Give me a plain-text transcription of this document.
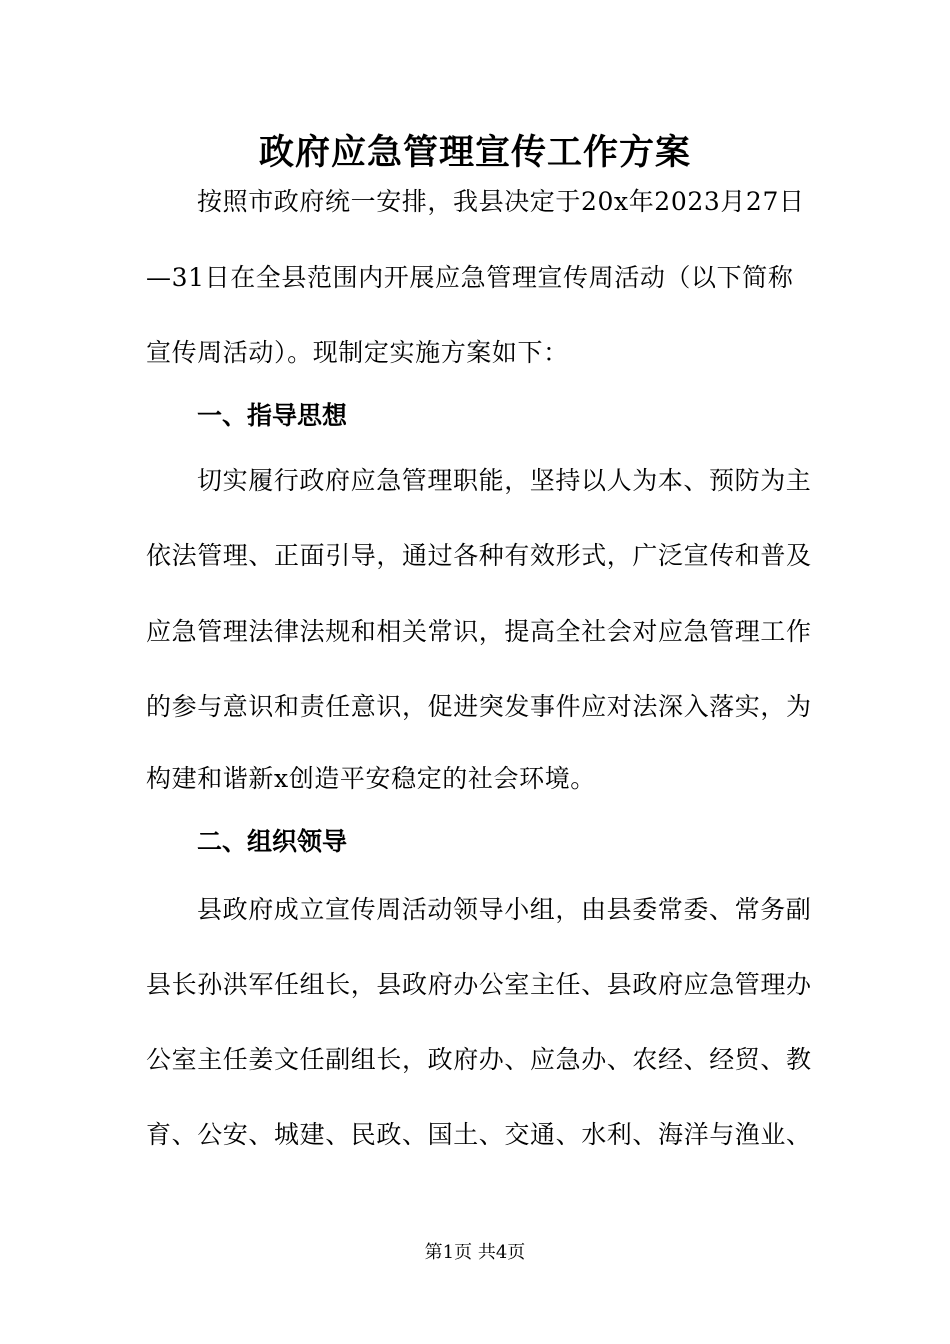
政府应急管理宣传工作方案
按照市政府统一安排，我县决定于20x年2023月27日
—31日在全县范围内开展应急管理宣传周活动（以下简称
宣传周活动）。现制定实施方案如下：
一、指导思想
切实履行政府应急管理职能，坚持以人为本、预防为主
依法管理、正面引导，通过各种有效形式，广泛宣传和普及
应急管理法律法规和相关常识，提高全社会对应急管理工作
的参与意识和责任意识，促进突发事件应对法深入落实，为
构建和谐新x创造平安稳定的社会环境。
二、组织领导
县政府成立宣传周活动领导小组，由县委常委、常务副
县长孙洪军任组长，县政府办公室主任、县政府应急管理办
公室主任姜文任副组长，政府办、应急办、农经、经贸、教
育、公安、城建、民政、国土、交通、水利、海洋与渔业、
第1页 共4页
